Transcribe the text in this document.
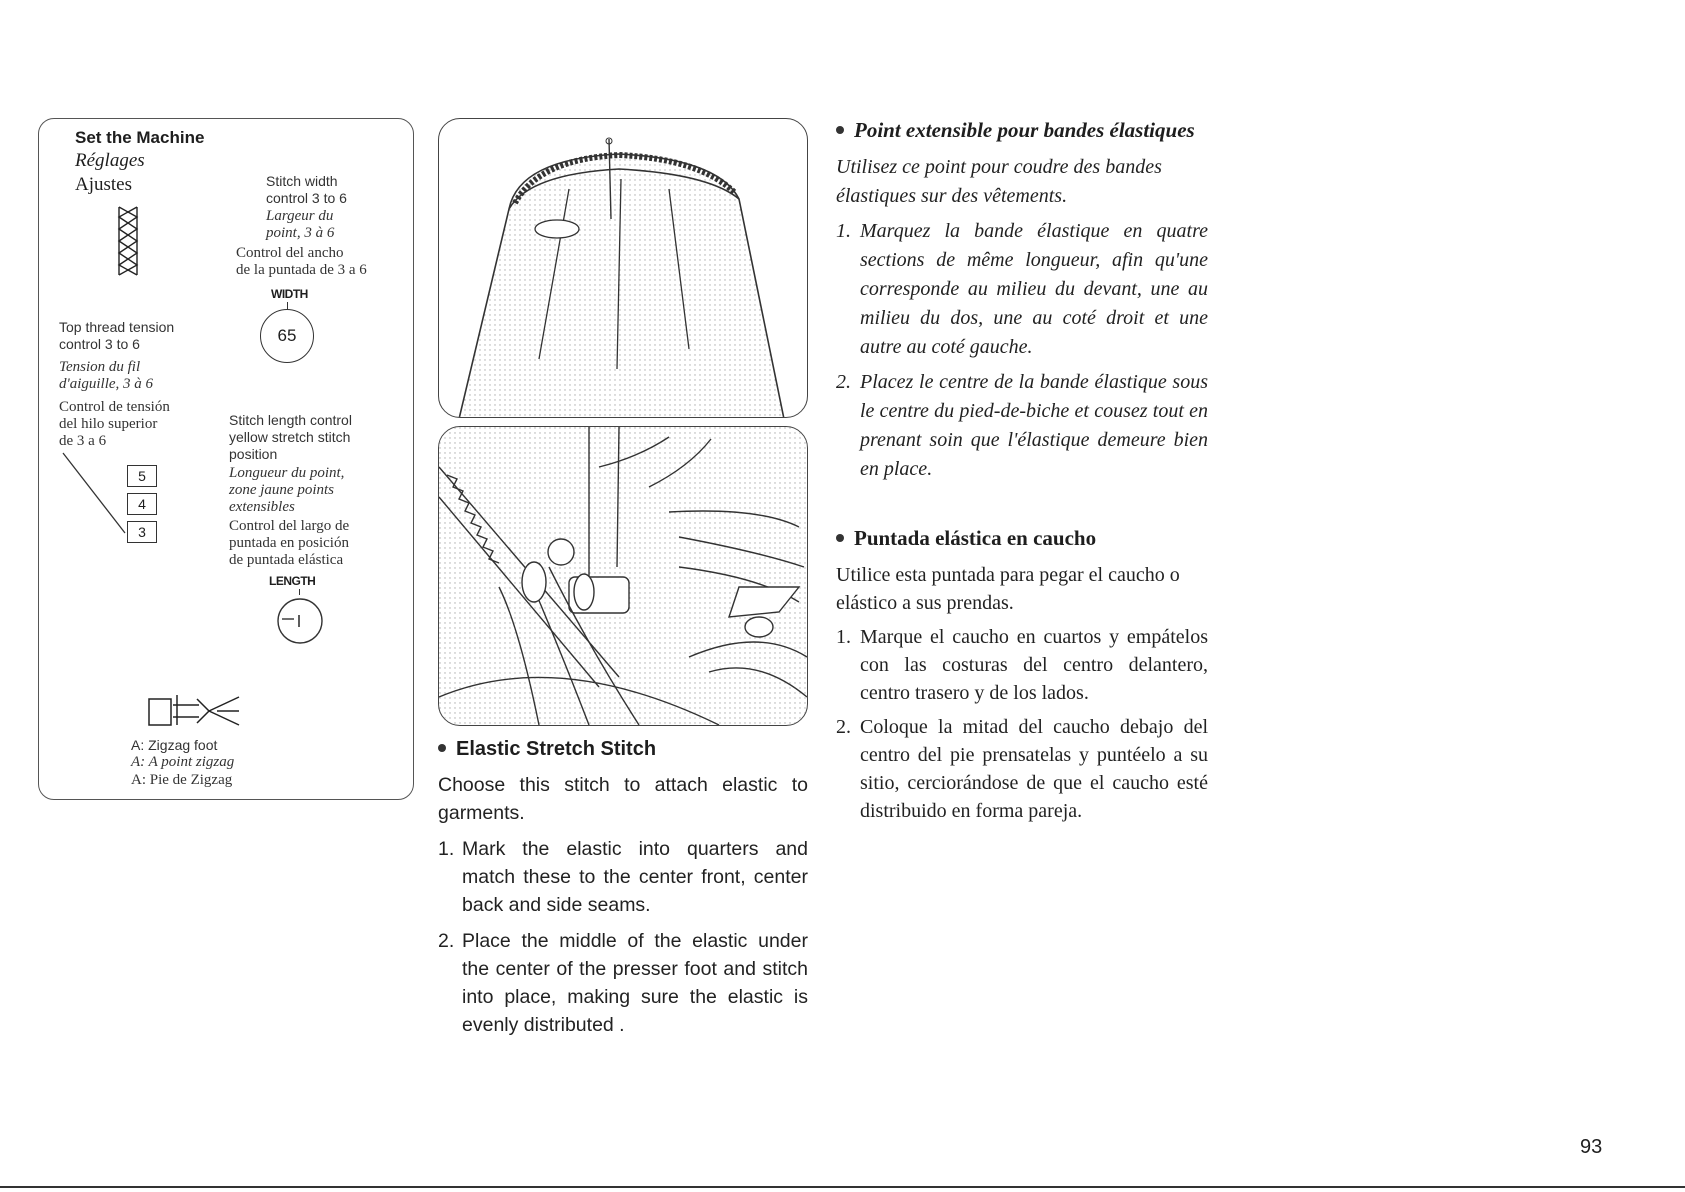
Set the Machine
Réglages
Ajustes	Stitch width
control 3 to 6
Largeur du
point, 3 à 6
Control del ancho
de la puntada de 3 a 6
WIDTH
65
Top thread tension
control 3 to 6
Tension du fil
d'aiguille, 3 à 6
Control de tensión
del hilo superior
de 3 a 6
5
4
3
Stitch length control
yellow stretch stitch
position
Longueur du point,
zone jaune points
extensibles
Control del largo de
puntada en posición
de puntada elástica
LENGTH
A: Zigzag foot
A: A point zigzag
A: Pie de Zigzag
Elastic Stretch Stitch
Choose this stitch to attach elastic to garments.
1. Mark the elastic into quarters and match these to the center front, center back and side seams.
2. Place the middle of the elastic under the center of the presser foot and stitch into place, making sure the elastic is evenly distributed .
Point extensible pour bandes élastiques
Utilisez ce point pour coudre des bandes élastiques sur des vêtements.
1. Marquez la bande élastique en quatre sections de même longueur, afin qu'une corresponde au milieu du devant, une au milieu du dos, une au coté droit et une autre au coté gauche.
2. Placez le centre de la bande élastique sous le centre du pied-de-biche et cousez tout en prenant soin que l'élastique demeure bien en place.
Puntada elástica en caucho
Utilice esta puntada para pegar el caucho o elástico a sus prendas.
1. Marque el caucho en cuartos y empátelos con las costuras del centro delantero, centro trasero y de los lados.
2. Coloque la mitad del caucho debajo del centro del pie prensatelas y puntéelo a su sitio, cerciorándose de que el caucho esté distribuido en forma pareja.
93
